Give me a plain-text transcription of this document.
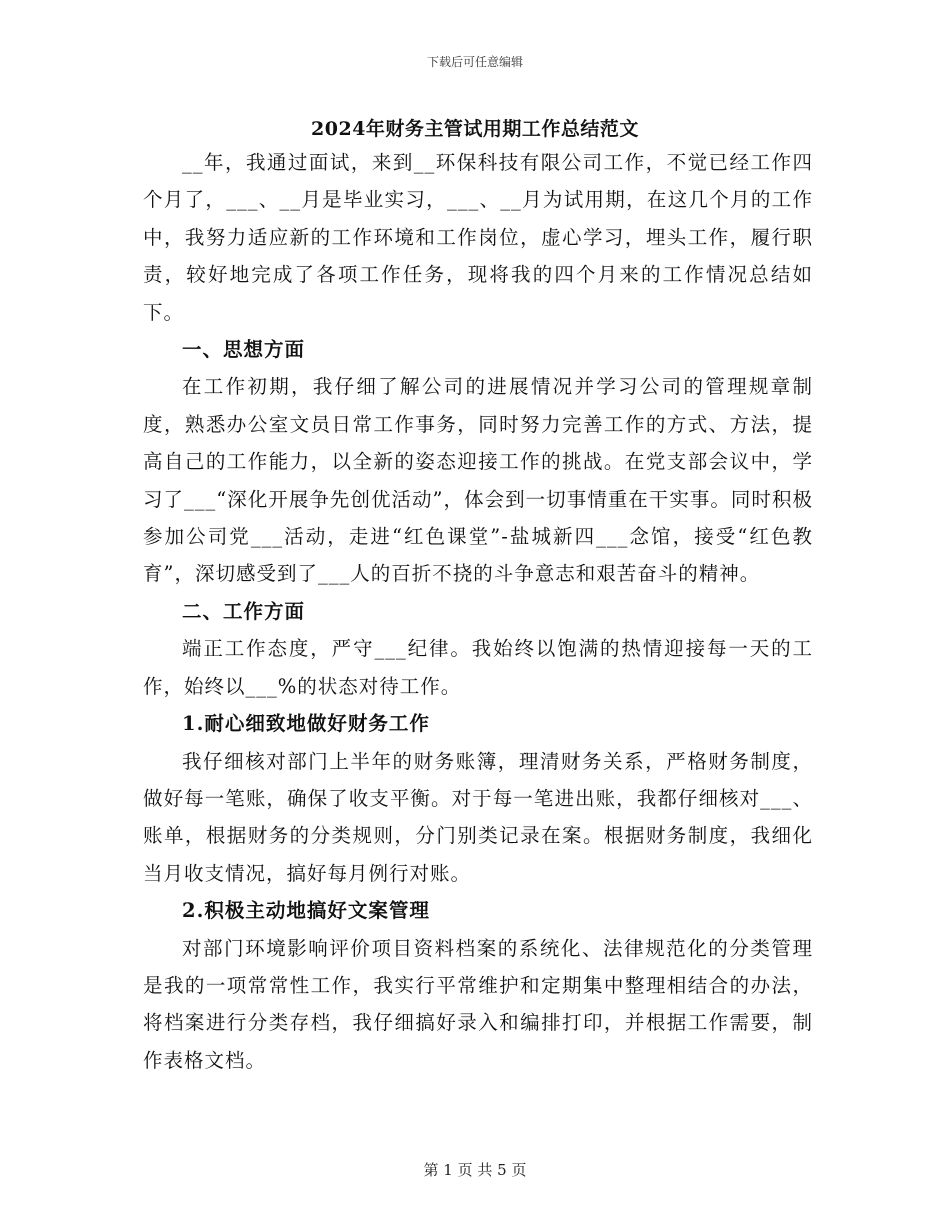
下载后可任意编辑
2024年财务主管试用期工作总结范文

__年，我通过面试，来到__环保科技有限公司工作，不觉已经工作四个月了，___、__月是毕业实习，___、__月为试用期，在这几个月的工作中，我努力适应新的工作环境和工作岗位，虚心学习，埋头工作，履行职责，较好地完成了各项工作任务，现将我的四个月来的工作情况总结如下。

一、思想方面

在工作初期，我仔细了解公司的进展情况并学习公司的管理规章制度，熟悉办公室文员日常工作事务，同时努力完善工作的方式、方法，提高自己的工作能力，以全新的姿态迎接工作的挑战。在党支部会议中，学习了___“深化开展争先创优活动”，体会到一切事情重在干实事。同时积极参加公司党___活动，走进“红色课堂”-盐城新四___念馆，接受“红色教育”，深切感受到了___人的百折不挠的斗争意志和艰苦奋斗的精神。

二、工作方面

端正工作态度，严守___纪律。我始终以饱满的热情迎接每一天的工作，始终以___%的状态对待工作。

1.耐心细致地做好财务工作

我仔细核对部门上半年的财务账簿，理清财务关系，严格财务制度，做好每一笔账，确保了收支平衡。对于每一笔进出账，我都仔细核对___、账单，根据财务的分类规则，分门别类记录在案。根据财务制度，我细化当月收支情况，搞好每月例行对账。

2.积极主动地搞好文案管理

对部门环境影响评价项目资料档案的系统化、法律规范化的分类管理是我的一项常常性工作，我实行平常维护和定期集中整理相结合的办法，将档案进行分类存档，我仔细搞好录入和编排打印，并根据工作需要，制作表格文档。

第 1 页 共 5 页
